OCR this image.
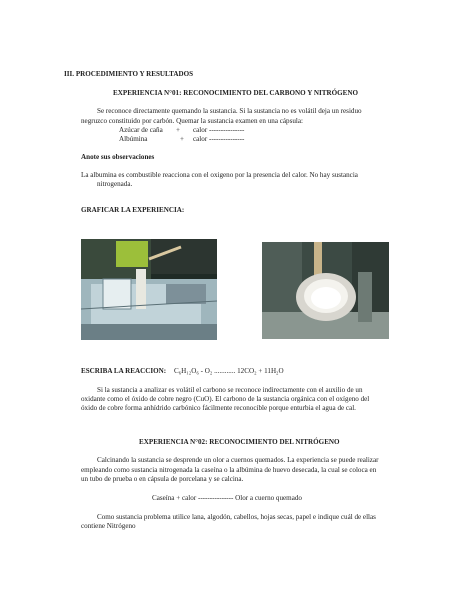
III. PROCEDIMIENTO Y RESULTADOS
EXPERIENCIA N°01: RECONOCIMIENTO DEL CARBONO Y NITRÓGENO
Se reconoce directamente quemando la sustancia. Si la sustancia no es volátil deja un residuo
negruzco constituido por carbón. Quemar la sustancia examen en una cápsula:
Azúcar de caña + calor ---------------
Albúmina	+ calor ---------------
Anote sus observaciones
La albumina es combustible reacciona con el oxigeno por la presencia del calor. No hay sustancia
nitrogenada.
GRAFICAR LA EXPERIENCIA:
ESCRIBA LA REACCION: C₆H₁₂O₆ - O₂ ............ 12CO₂ + 11H₂O
Si la sustancia a analizar es volátil el carbono se reconoce indirectamente con el auxilio de un
oxidante como el óxido de cobre negro (CuO). El carbono de la sustancia orgánica con el oxígeno del
óxido de cobre forma anhídrido carbónico fácilmente reconocible porque enturbia el agua de cal.
EXPERIENCIA N°02: RECONOCIMIENTO DEL NITRÓGENO
Calcinando la sustancia se desprende un olor a cuernos quemados. La experiencia se puede realizar
empleando como sustancia nitrogenada la caseína o la albúmina de huevo desecada, la cual se coloca en
un tubo de prueba o en cápsula de porcelana y se calcina.
Caseína + calor --------------- Olor a cuerno quemado
Como sustancia problema utilice lana, algodón, cabellos, hojas secas, papel e indique cuál de ellas
contiene Nitrógeno
